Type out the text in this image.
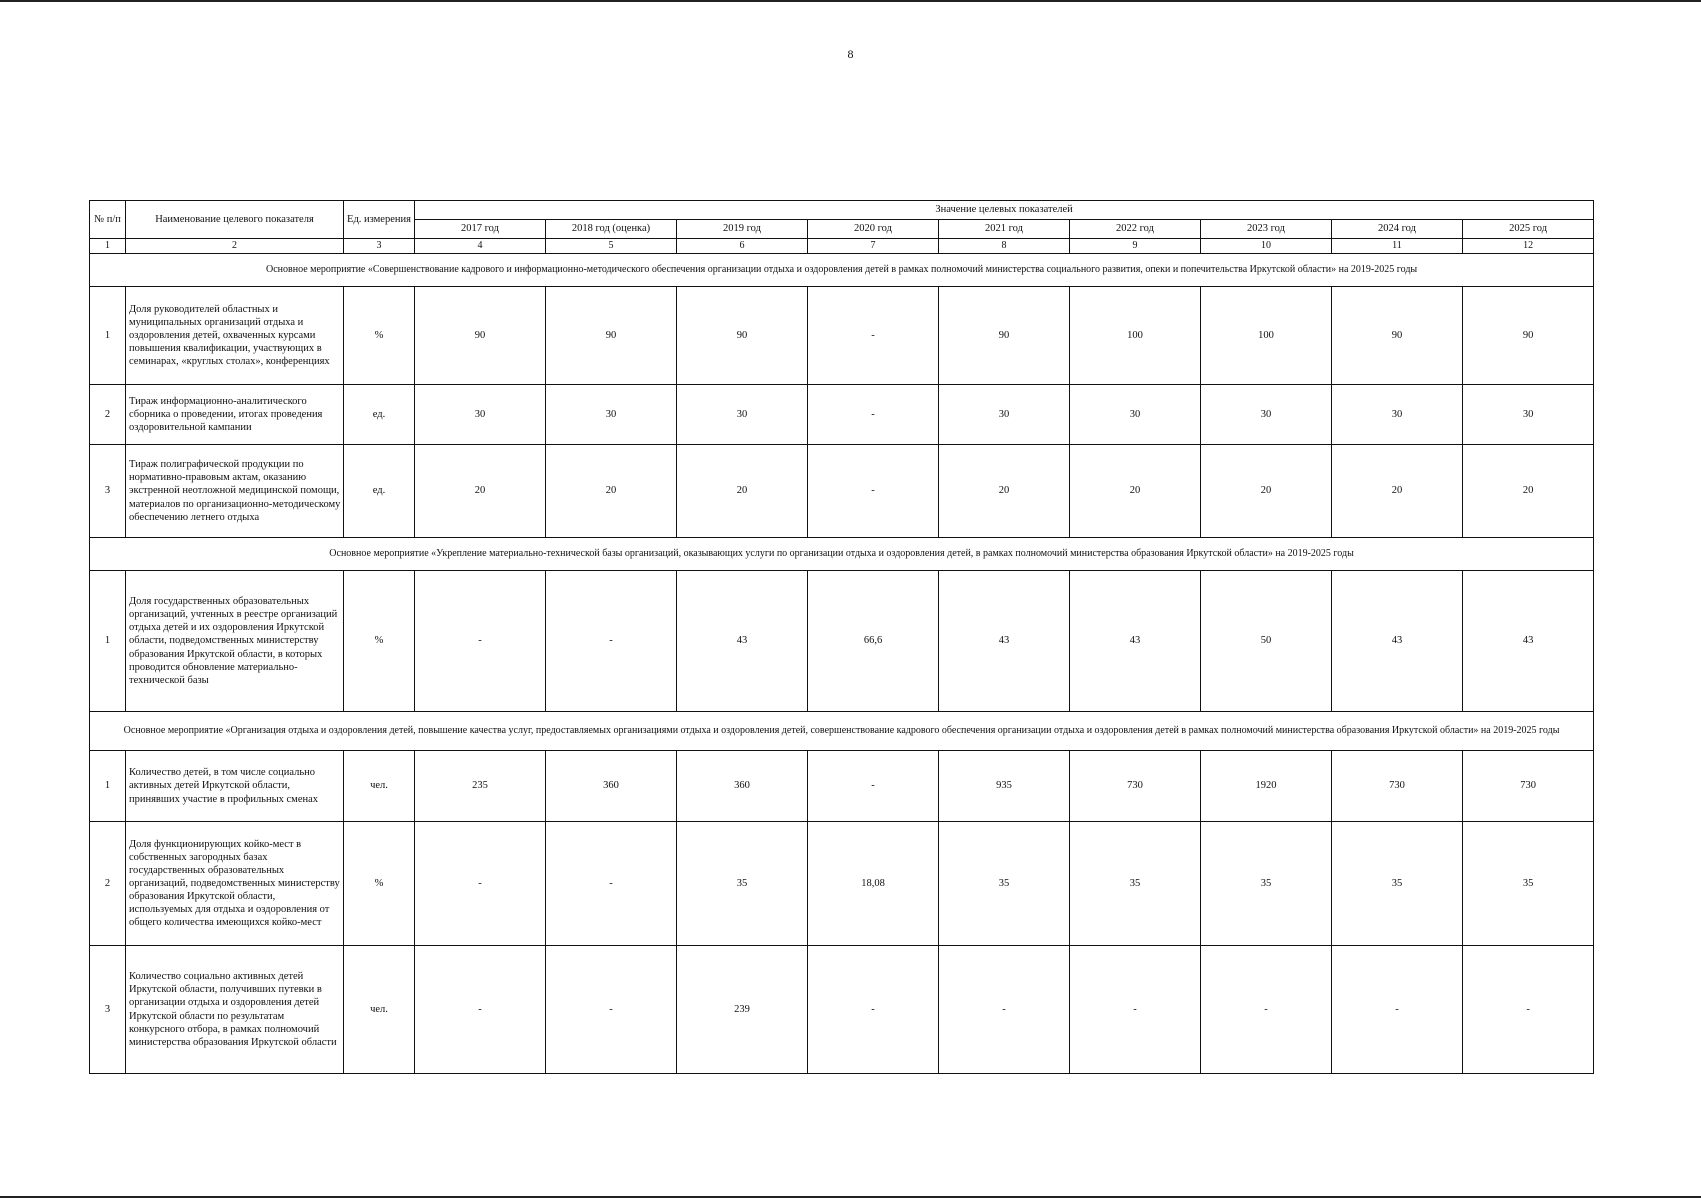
8
№ п/п	Наименование целевого показателя	Ед. измерения	Значение целевых показателей								
			2017 год	2018 год (оценка)	2019 год	2020 год	2021 год	2022 год	2023 год	2024 год	2025 год
1	2	3	4	5	6	7	8	9	10	11	12
Основное мероприятие «Совершенствование кадрового и информационно-методического обеспечения организации отдыха и оздоровления детей в рамках полномочий министерства социального развития, опеки и попечительства Иркутской области» на 2019-2025 годы											
1	Доля руководителей областных и муниципальных организаций отдыха и оздоровления детей, охваченных курсами повышения квалификации, участвующих в семинарах, «круглых столах», конференциях	%	90	90	90	-	90	100	100	90	90
2	Тираж информационно-аналитического сборника о проведении, итогах проведения оздоровительной кампании	ед.	30	30	30	-	30	30	30	30	30
3	Тираж полиграфической продукции по нормативно-правовым актам, оказанию экстренной неотложной медицинской помощи, материалов по организационно-методическому обеспечению летнего отдыха	ед.	20	20	20	-	20	20	20	20	20
Основное мероприятие «Укрепление материально-технической базы организаций, оказывающих услуги по организации отдыха и оздоровления детей, в рамках полномочий министерства образования Иркутской области» на 2019-2025 годы											
1	Доля государственных образовательных организаций, учтенных в реестре организаций отдыха детей и их оздоровления Иркутской области, подведомственных министерству образования Иркутской области, в которых проводится обновление материально-технической базы	%	-	-	43	66,6	43	43	50	43	43
Основное мероприятие «Организация отдыха и оздоровления детей, повышение качества услуг, предоставляемых организациями отдыха и оздоровления детей, совершенствование кадрового обеспечения организации отдыха и оздоровления детей в рамках полномочий министерства образования Иркутской области» на 2019-2025 годы											
1	Количество детей, в том числе социально активных детей Иркутской области, принявших участие в профильных сменах	чел.	235	360	360	-	935	730	1920	730	730
2	Доля функционирующих койко-мест в собственных загородных базах государственных образовательных организаций, подведомственных министерству образования Иркутской области, используемых для отдыха и оздоровления от общего количества имеющихся койко-мест	%	-	-	35	18,08	35	35	35	35	35
3	Количество социально активных детей Иркутской области, получивших путевки в организации отдыха и оздоровления детей Иркутской области по результатам конкурсного отбора, в рамках полномочий министерства образования Иркутской области	чел.	-	-	239	-	-	-	-	-	-
